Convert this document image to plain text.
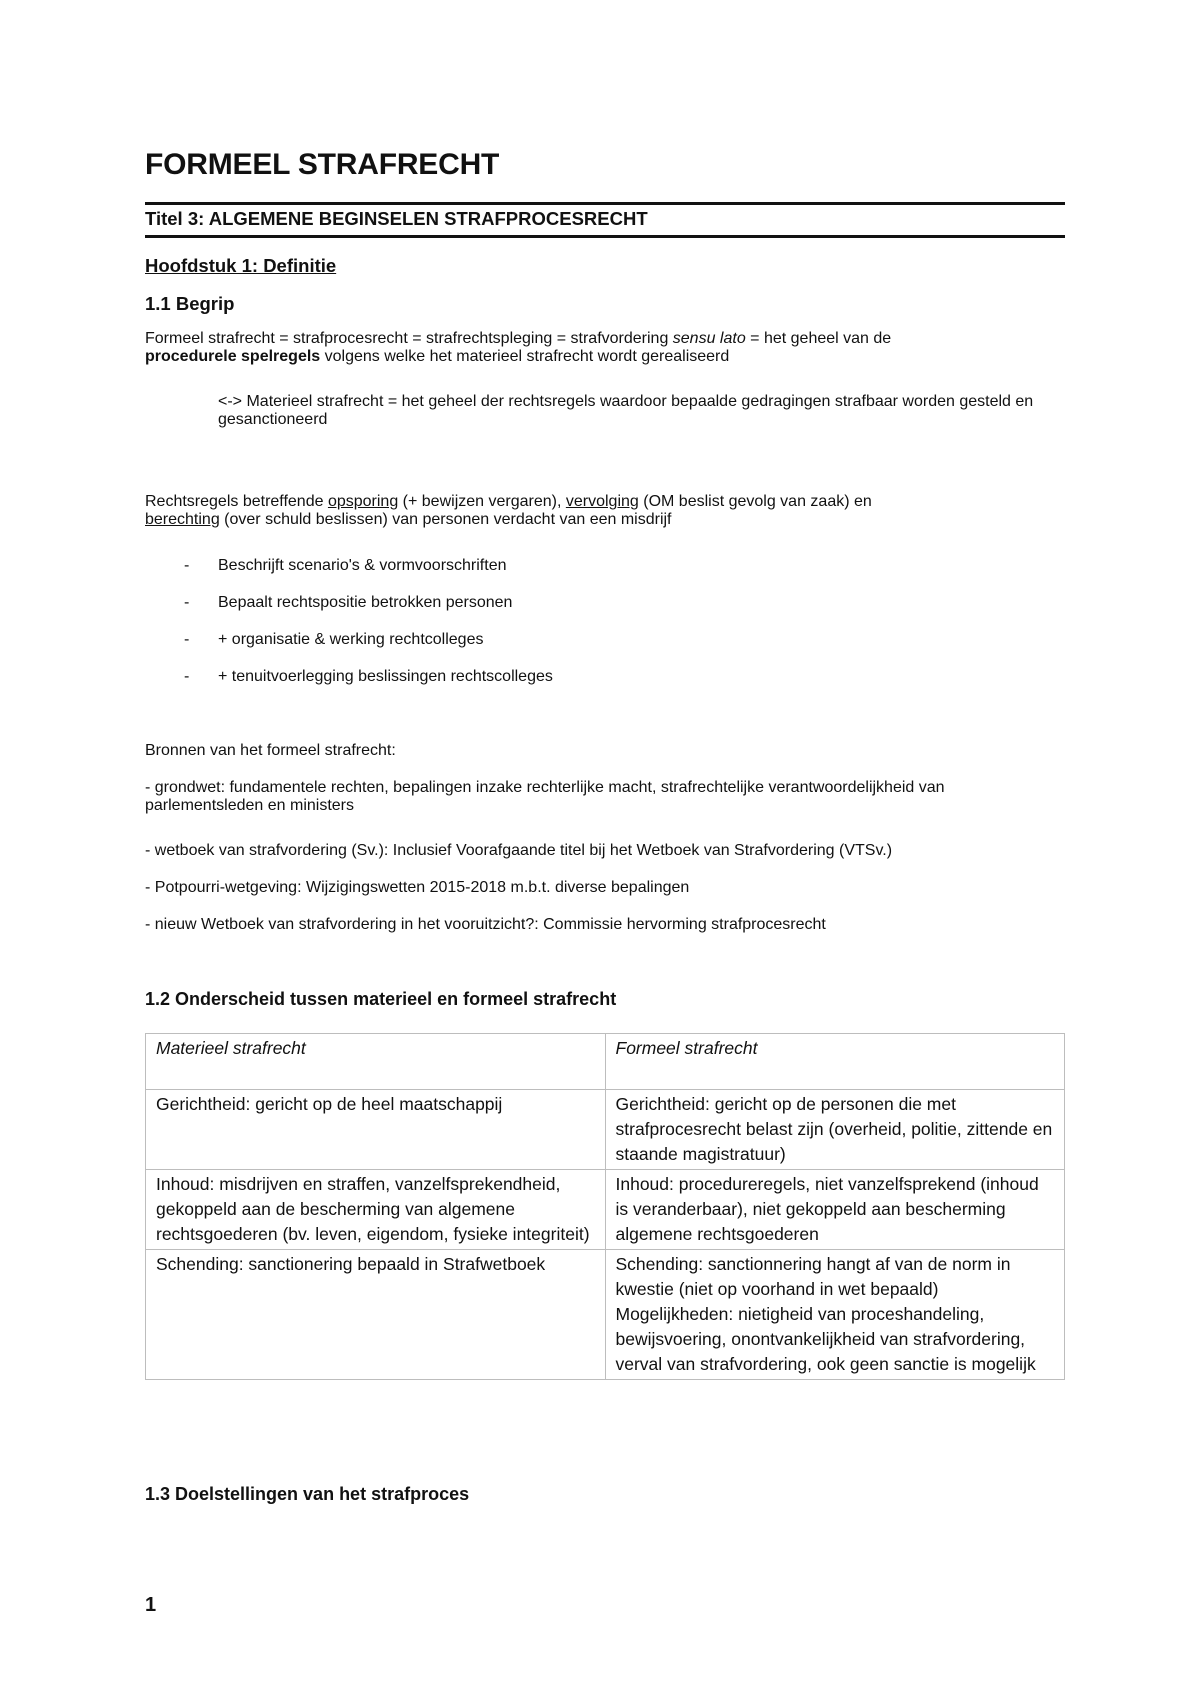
FORMEEL STRAFRECHT
Titel 3: ALGEMENE BEGINSELEN STRAFPROCESRECHT
Hoofdstuk 1: Definitie
1.1 Begrip

Formeel strafrecht = strafprocesrecht = strafrechtspleging = strafvordering sensu lato = het geheel van de
procedurele spelregels volgens welke het materieel strafrecht wordt gerealiseerd

<-> Materieel strafrecht = het geheel der rechtsregels waardoor bepaalde gedragingen strafbaar worden gesteld en gesanctioneerd

Rechtsregels betreffende opsporing (+ bewijzen vergaren), vervolging (OM beslist gevolg van zaak) en
berechting (over schuld beslissen) van personen verdacht van een misdrijf

- Beschrijft scenario's & vormvoorschriften

- Bepaalt rechtspositie betrokken personen

- + organisatie & werking rechtcolleges

- + tenuitvoerlegging beslissingen rechtscolleges

Bronnen van het formeel strafrecht:

- grondwet: fundamentele rechten, bepalingen inzake rechterlijke macht, strafrechtelijke verantwoordelijkheid van parlementsleden en ministers

- wetboek van strafvordering (Sv.): Inclusief Voorafgaande titel bij het Wetboek van Strafvordering (VTSv.)

- Potpourri-wetgeving: Wijzigingswetten 2015-2018 m.b.t. diverse bepalingen

- nieuw Wetboek van strafvordering in het vooruitzicht?: Commissie hervorming strafprocesrecht

1.2 Onderscheid tussen materieel en formeel strafrecht

Materieel strafrecht	Formeel strafrecht
Gerichtheid: gericht op de heel maatschappij	Gerichtheid: gericht op de personen die met strafprocesrecht belast zijn (overheid, politie, zittende en staande magistratuur)
Inhoud: misdrijven en straffen, vanzelfsprekendheid, gekoppeld aan de bescherming van algemene rechtsgoederen (bv. leven, eigendom, fysieke integriteit)	Inhoud: procedureregels, niet vanzelfsprekend (inhoud is veranderbaar), niet gekoppeld aan bescherming algemene rechtsgoederen
Schending: sanctionering bepaald in Strafwetboek	Schending: sanctionnering hangt af van de norm in kwestie (niet op voorhand in wet bepaald) Mogelijkheden: nietigheid van proceshandeling, bewijsvoering, onontvankelijkheid van strafvordering, verval van strafvordering, ook geen sanctie is mogelijk

1.3 Doelstellingen van het strafproces

1
